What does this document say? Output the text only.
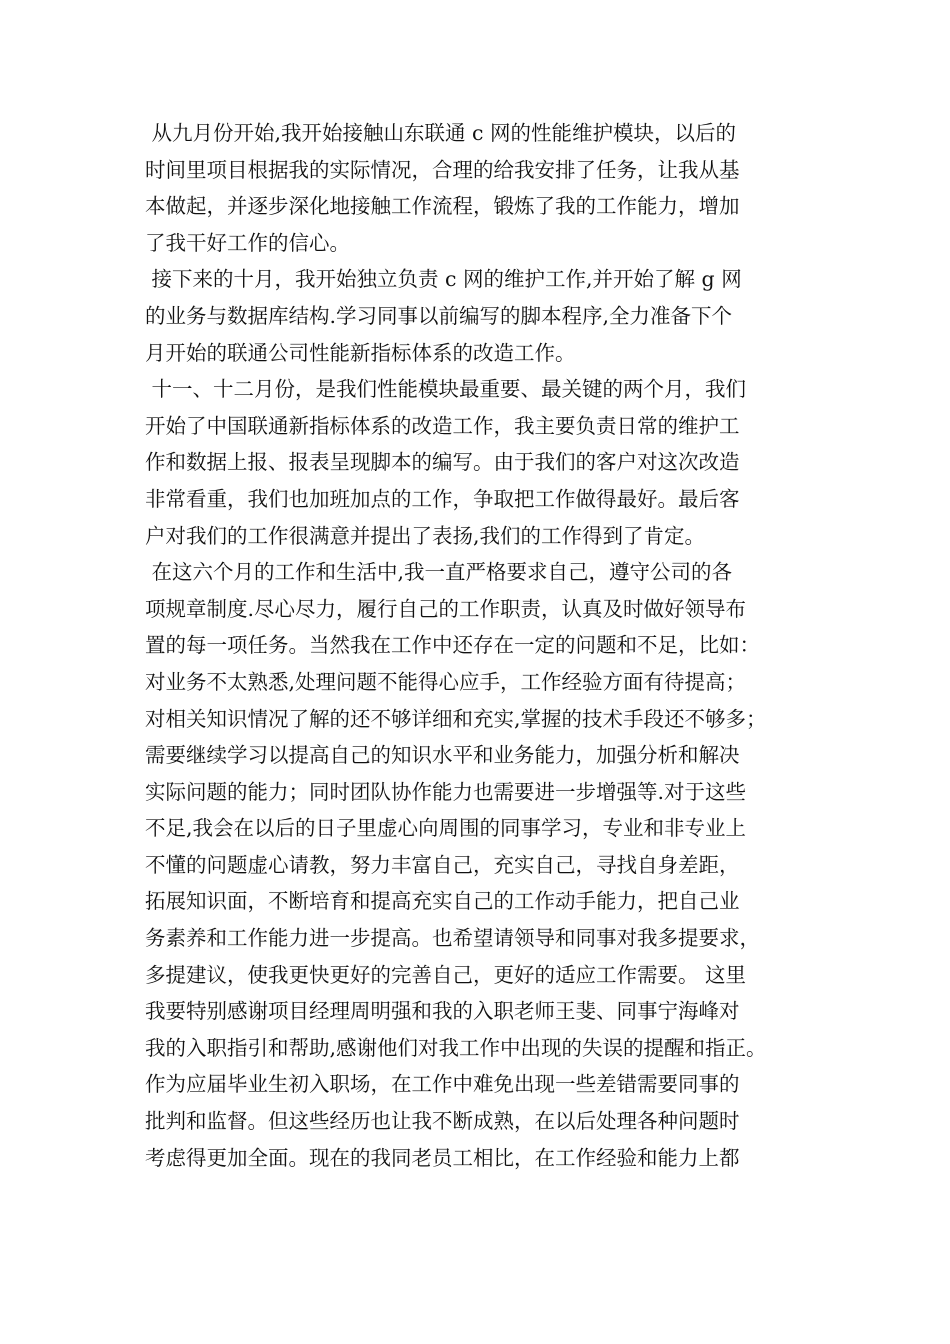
从九月份开始,我开始接触山东联通 c 网的性能维护模块，以后的
时间里项目根据我的实际情况，合理的给我安排了任务，让我从基
本做起，并逐步深化地接触工作流程，锻炼了我的工作能力，增加
了我干好工作的信心。
接下来的十月，我开始独立负责 c 网的维护工作,并开始了解 g 网
的业务与数据库结构.学习同事以前编写的脚本程序,全力准备下个
月开始的联通公司性能新指标体系的改造工作。
十一、十二月份，是我们性能模块最重要、最关键的两个月，我们
开始了中国联通新指标体系的改造工作，我主要负责日常的维护工
作和数据上报、报表呈现脚本的编写。由于我们的客户对这次改造
非常看重，我们也加班加点的工作，争取把工作做得最好。最后客
户对我们的工作很满意并提出了表扬,我们的工作得到了肯定。
在这六个月的工作和生活中,我一直严格要求自己，遵守公司的各
项规章制度.尽心尽力，履行自己的工作职责，认真及时做好领导布
置的每一项任务。当然我在工作中还存在一定的问题和不足，比如：
对业务不太熟悉,处理问题不能得心应手，工作经验方面有待提高；
对相关知识情况了解的还不够详细和充实,掌握的技术手段还不够多；
需要继续学习以提高自己的知识水平和业务能力，加强分析和解决
实际问题的能力；同时团队协作能力也需要进一步增强等.对于这些
不足,我会在以后的日子里虚心向周围的同事学习，专业和非专业上
不懂的问题虚心请教，努力丰富自己，充实自己，寻找自身差距，
拓展知识面，不断培育和提高充实自己的工作动手能力，把自己业
务素养和工作能力进一步提高。也希望请领导和同事对我多提要求，
多提建议，使我更快更好的完善自己，更好的适应工作需要。 这里
我要特别感谢项目经理周明强和我的入职老师王斐、同事宁海峰对
我的入职指引和帮助,感谢他们对我工作中出现的失误的提醒和指正。
作为应届毕业生初入职场，在工作中难免出现一些差错需要同事的
批判和监督。但这些经历也让我不断成熟，在以后处理各种问题时
考虑得更加全面。现在的我同老员工相比，在工作经验和能力上都
